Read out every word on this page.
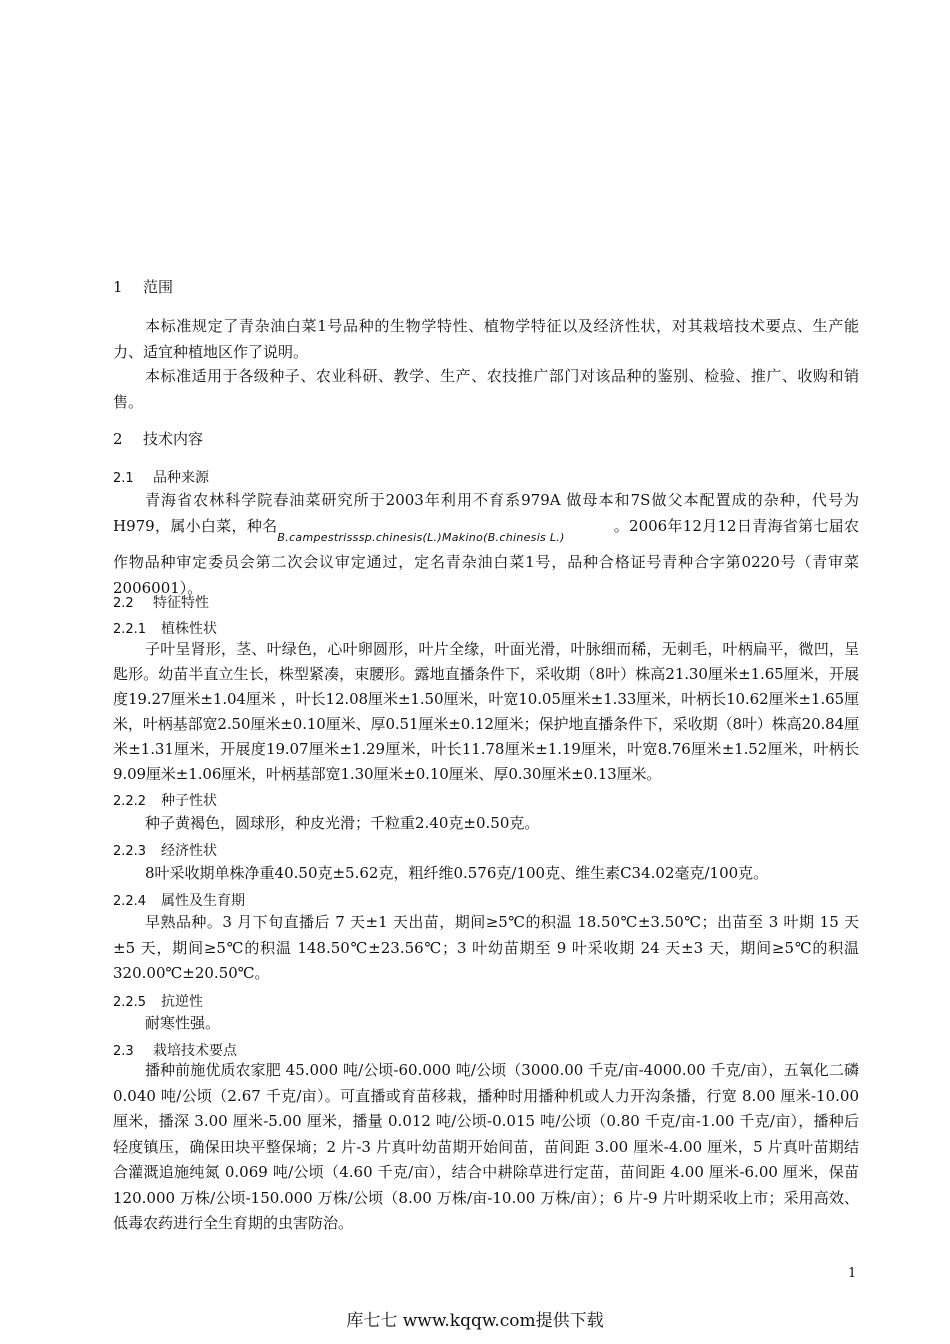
1 范围

本标准规定了青杂油白菜1号品种的生物学特性、植物学特征以及经济性状，对其栽培技术要点、生产能力、适宜种植地区作了说明。

本标准适用于各级种子、农业科研、教学、生产、农技推广部门对该品种的鉴别、检验、推广、收购和销售。

2 技术内容
2.1 品种来源

青海省农林科学院春油菜研究所于2003年利用不育系979A 做母本和7S做父本配置成的杂种，代号为H979，属小白菜，种名B.campestrisssp.chinesis(L.)Makino(B.chinesis L.)。2006年12月12日青海省第七届农作物品种审定委员会第二次会议审定通过，定名青杂油白菜1号，品种合格证号青种合字第0220号（青审菜2006001）。

2.2 特征特性
2.2.1 植株性状

子叶呈肾形，茎、叶绿色，心叶卵圆形，叶片全缘，叶面光滑，叶脉细而稀，无刺毛，叶柄扁平，微凹，呈匙形。幼苗半直立生长，株型紧凑，束腰形。露地直播条件下，采收期（8叶）株高21.30厘米±1.65厘米，开展度19.27厘米±1.04厘米 ，叶长12.08厘米±1.50厘米，叶宽10.05厘米±1.33厘米，叶柄长10.62厘米±1.65厘米，叶柄基部宽2.50厘米±0.10厘米、厚0.51厘米±0.12厘米；保护地直播条件下，采收期（8叶）株高20.84厘米±1.31厘米，开展度19.07厘米±1.29厘米，叶长11.78厘米±1.19厘米，叶宽8.76厘米±1.52厘米，叶柄长9.09厘米±1.06厘米，叶柄基部宽1.30厘米±0.10厘米、厚0.30厘米±0.13厘米。

2.2.2 种子性状

种子黄褐色，圆球形，种皮光滑；千粒重2.40克±0.50克。

2.2.3 经济性状

8叶采收期单株净重40.50克±5.62克，粗纤维0.576克/100克、维生素C34.02毫克/100克。

2.2.4 属性及生育期

早熟品种。3 月下旬直播后 7 天±1 天出苗，期间≥5℃的积温 18.50℃±3.50℃；出苗至 3 叶期 15 天±5 天，期间≥5℃的积温 148.50℃±23.56℃；3 叶幼苗期至 9 叶采收期 24 天±3 天，期间≥5℃的积温 320.00℃±20.50℃。

2.2.5 抗逆性

耐寒性强。

2.3 栽培技术要点

播种前施优质农家肥 45.000 吨/公顷-60.000 吨/公顷（3000.00 千克/亩-4000.00 千克/亩），五氧化二磷 0.040 吨/公顷（2.67 千克/亩）。可直播或育苗移栽，播种时用播种机或人力开沟条播，行宽 8.00 厘米-10.00 厘米，播深 3.00 厘米-5.00 厘米，播量 0.012 吨/公顷-0.015 吨/公顷（0.80 千克/亩-1.00 千克/亩），播种后轻度镇压，确保田块平整保墒；2 片-3 片真叶幼苗期开始间苗，苗间距 3.00 厘米-4.00 厘米，5 片真叶苗期结合灌溉追施纯氮 0.069 吨/公顷（4.60 千克/亩），结合中耕除草进行定苗，苗间距 4.00 厘米-6.00 厘米，保苗 120.000 万株/公顷-150.000 万株/公顷（8.00 万株/亩-10.00 万株/亩）；6 片-9 片叶期采收上市；采用高效、低毒农药进行全生育期的虫害防治。

1
库七七 www.kqqw.com提供下载
